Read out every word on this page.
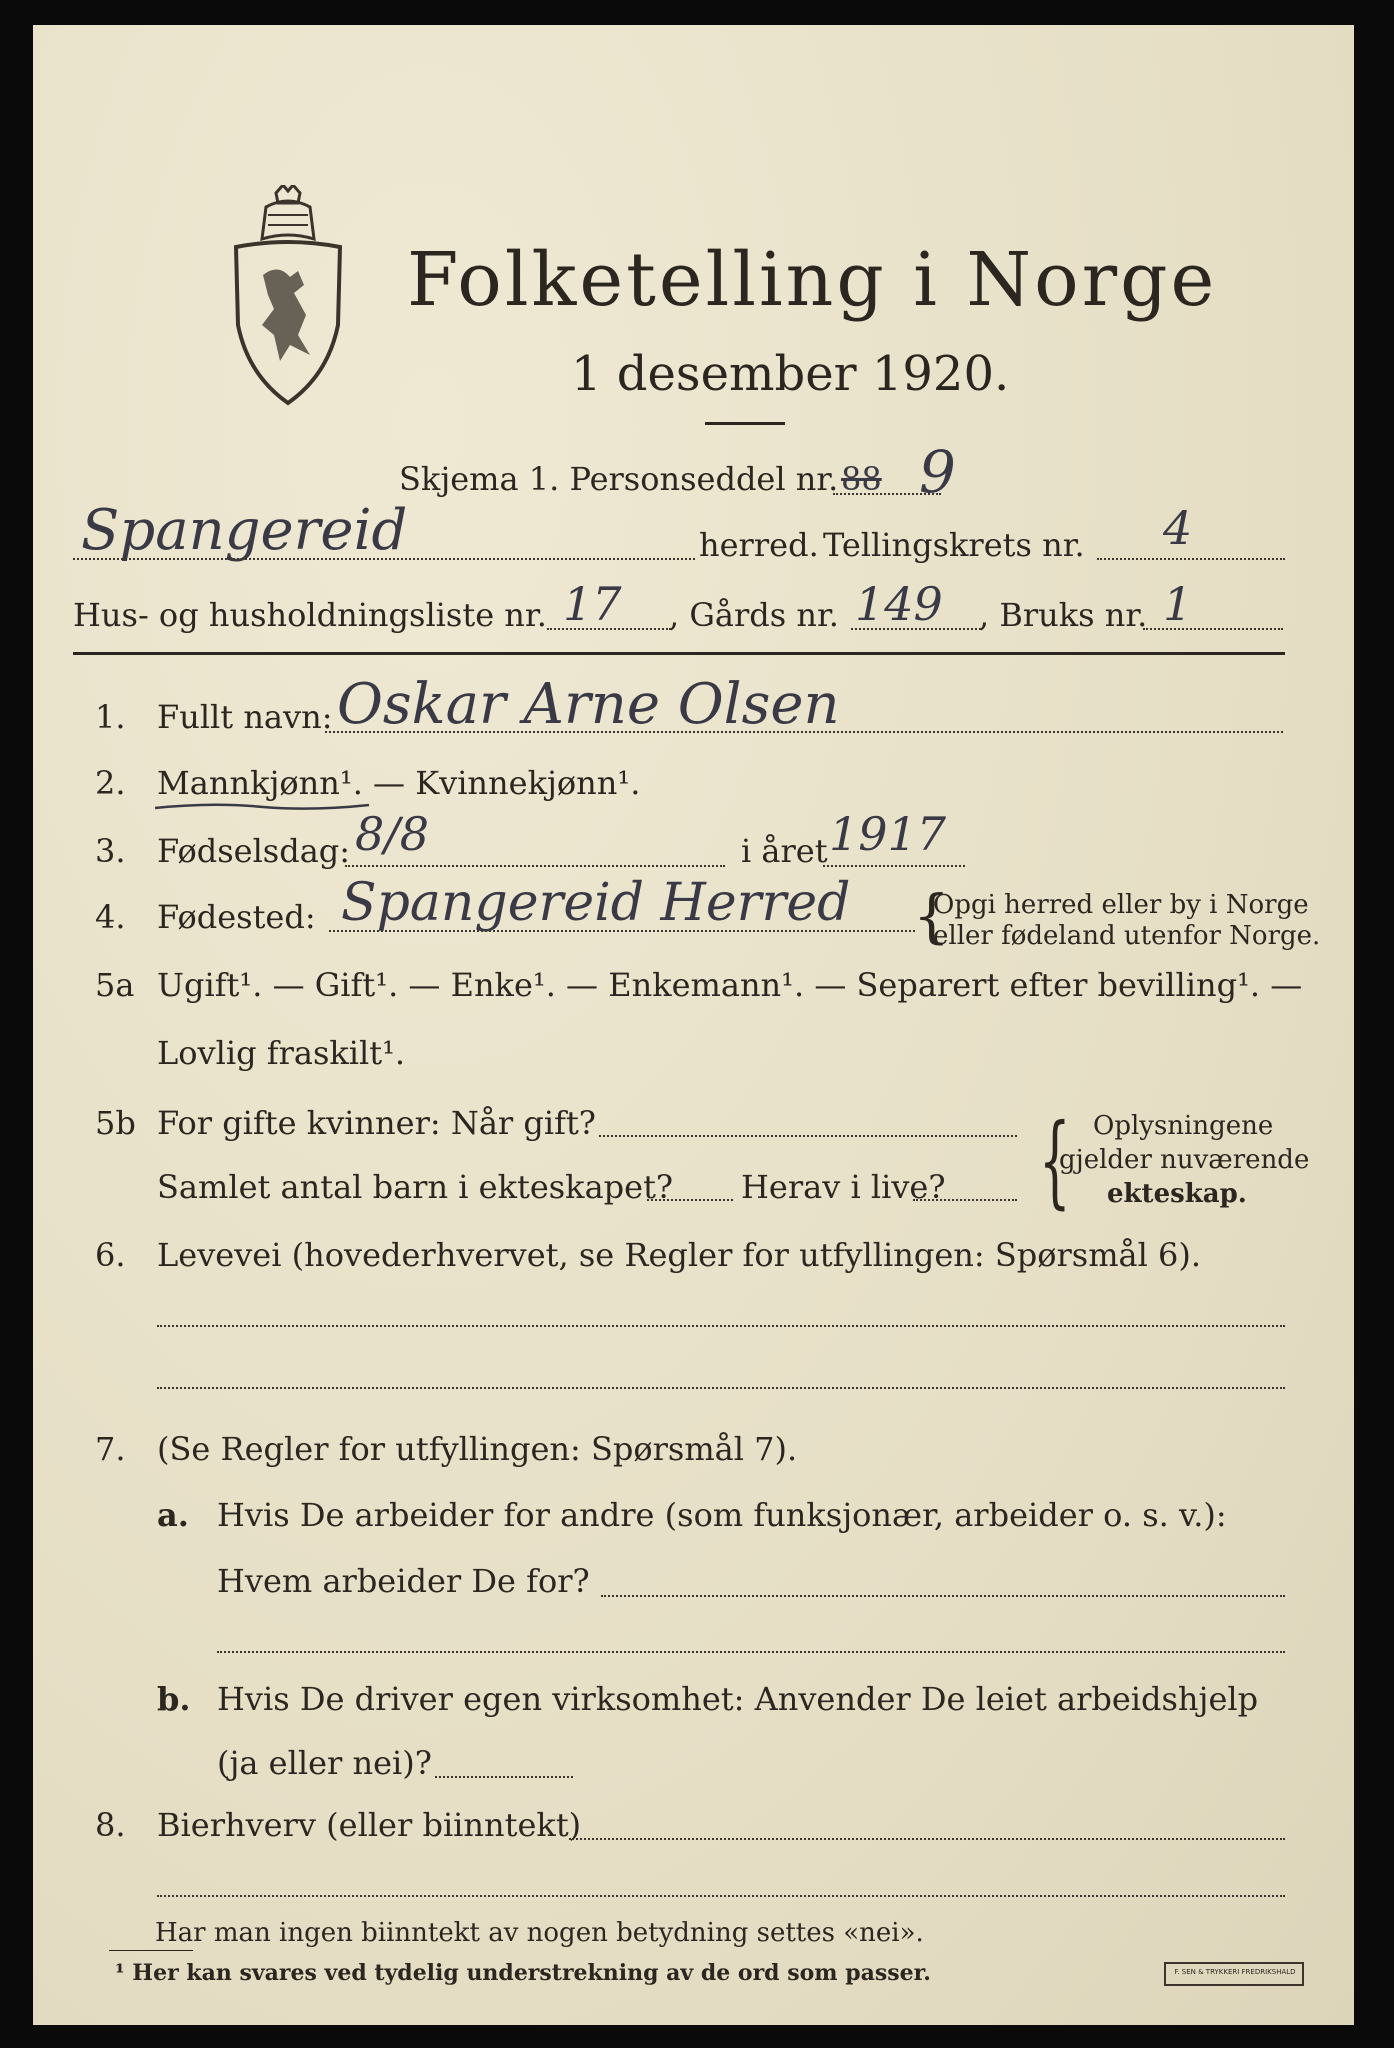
Folketelling i Norge
1 desember 1920.
Skjema 1. Personseddel nr. 88 9
Spangereid	herred. Tellingskrets nr. 4
Hus- og husholdningsliste nr. 17 , Gårds nr. 149 , Bruks nr. 1
1. Fullt navn: Oskar Arne Olsen
2. Mannkjønn¹. — Kvinnekjønn¹.
3. Fødselsdag: 8/8	i året 1917
4. Fødested: Spangereid Herred {
Opgi herred eller by i Norge
eller fødeland utenfor Norge.
5a Ugift¹. — Gift¹. — Enke¹. — Enkemann¹. — Separert efter bevilling¹. —
Lovlig fraskilt¹.
5b For gifte kvinner: Når gift?
Samlet antal barn i ekteskapet? Herav i live? { Oplysningene
gjelder nuværende
ekteskap.
6. Levevei (hovederhvervet, se Regler for utfyllingen: Spørsmål 6).
7. (Se Regler for utfyllingen: Spørsmål 7).
a. Hvis De arbeider for andre (som funksjonær, arbeider o. s. v.):
Hvem arbeider De for?
b. Hvis De driver egen virksomhet: Anvender De leiet arbeidshjelp
(ja eller nei)?
8. Bierhverv (eller biinntekt)
Har man ingen biinntekt av nogen betydning settes «nei».
¹ Her kan svares ved tydelig understrekning av de ord som passer.	F. SEN & TRYKKERI FREDRIKSHALD
